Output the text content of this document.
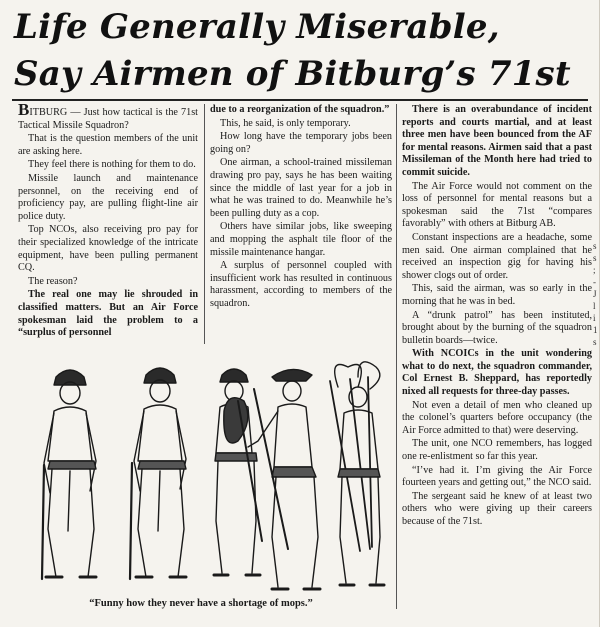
Life Generally Miserable,
Say Airmen of Bitburg’s 71st

BITBURG — Just how tactical is the 71st Tactical Missile Squadron?

That is the question members of the unit are asking here.

They feel there is nothing for them to do.

Missile launch and maintenance personnel, on the receiving end of proficiency pay, are pulling flight-line air police duty.

Top NCOs, also receiving pro pay for their specialized knowledge of the intricate equipment, have been pulling permanent CQ.

The reason?

The real one may lie shrouded in classified matters. But an Air Force spokesman laid the problem to a “surplus of personnel

due to a reorganization of the squadron.”

This, he said, is only temporary.

How long have the temporary jobs been going on?

One airman, a school-trained missileman drawing pro pay, says he has been waiting since the middle of last year for a job in what he was trained to do. Meanwhile he’s been pulling duty as a cop.

Others have similar jobs, like sweeping and mopping the asphalt tile floor of the missile maintenance hangar.

A surplus of personnel coupled with insufficient work has resulted in continuous harassment, according to members of the squadron.

There is an overabundance of incident reports and courts martial, and at least three men have been bounced from the AF for mental reasons. Airmen said that a past Missileman of the Month here had tried to commit suicide.

The Air Force would not comment on the loss of personnel for mental reasons but a spokesman said the 71st “compares favorably” with others at Bitburg AB.

Constant inspections are a headache, some men said. One airman complained that he received an inspection gig for having his shower clogs out of order.

This, said the airman, was so early in the morning that he was in bed.

A “drunk patrol” has been instituted, brought about by the burning of the squadron bulletin boards—twice.

With NCOICs in the unit wondering what to do next, the squadron commander, Col Ernest B. Sheppard, has reportedly nixed all requests for three-day passes.

Not even a detail of men who cleaned up the colonel’s quarters before occupancy (the Air Force admitted to that) were deserving.

The unit, one NCO remembers, has logged one re-enlistment so far this year.

“I’ve had it. I’m giving the Air Force fourteen years and getting out,” the NCO said.

The sergeant said he knew of at least two others who were giving up their careers because of the 71st.

“Funny how they never have a shortage of mops.”
s
s
;
-
J
l
i
1
s
